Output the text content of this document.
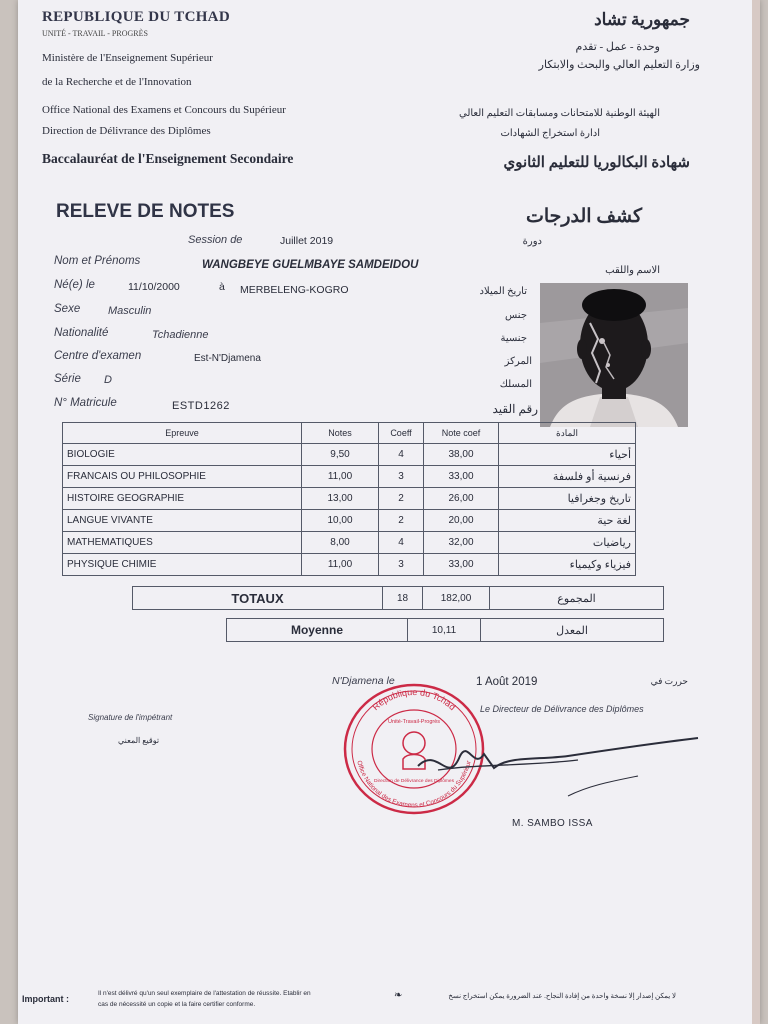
REPUBLIQUE DU TCHAD
UNITÉ - TRAVAIL - PROGRÈS
Ministère de l'Enseignement Supérieur
de la Recherche et de l'Innovation
Office National des Examens et Concours du Supérieur
Direction de Délivrance des Diplômes
Baccalauréat de l'Enseignement Secondaire
جمهورية تشاد
وحدة - عمل - تقدم
وزارة التعليم العالي والبحث والابتكار
الهيئة الوطنية للامتحانات ومسابقات التعليم العالي
ادارة استخراج الشهادات
شهادة البكالوريا للتعليم الثانوي
RELEVE DE NOTES	كشف الدرجات
Session de	Juillet 2019	دورة
Nom et Prénoms	WANGBEYE GUELMBAYE SAMDEIDOU	الاسم واللقب
Né(e) le	11/10/2000	à MERBELENG-KOGRO	تاريخ الميلاد
Sexe	Masculin	جنس
Nationalité	Tchadienne	جنسية
Centre d'examen	Est-N'Djamena	المركز
Série D	المسلك
N° Matricule	ESTD1262	رقم القيد
Epreuve	Notes	Coeff	Note coef	المادة
BIOLOGIE	9,50	4	38,00	أحياء
FRANCAIS OU PHILOSOPHIE	11,00	3	33,00	فرنسية أو فلسفة
HISTOIRE GEOGRAPHIE	13,00	2	26,00	تاريخ وجغرافيا
LANGUE VIVANTE	10,00	2	20,00	لغة حية
MATHEMATIQUES	8,00	4	32,00	رياضيات
PHYSIQUE CHIMIE	11,00	3	33,00	فيزياء وكيمياء
TOTAUX	18	182,00	المجموع
Moyenne	10,11	المعدل
N'Djamena le	1 Août 2019	حررت في
Le Directeur de Délivrance des Diplômes
Signature de l'impétrant
توقيع المعني
République du Tchad
Office National des Examens et Concours du Supérieur
Unité-Travail-Progrès
Direction de Délivrance des Diplômes
M. SAMBO ISSA
Important :
Il n'est délivré qu'un seul exemplaire de l'attestation de réussite. Etablir en
cas de nécessité un copie et la faire certifier conforme.
❧	لا يمكن إصدار إلا نسخة واحدة من إفادة النجاح. عند الضرورة يمكن استخراج نسخ
